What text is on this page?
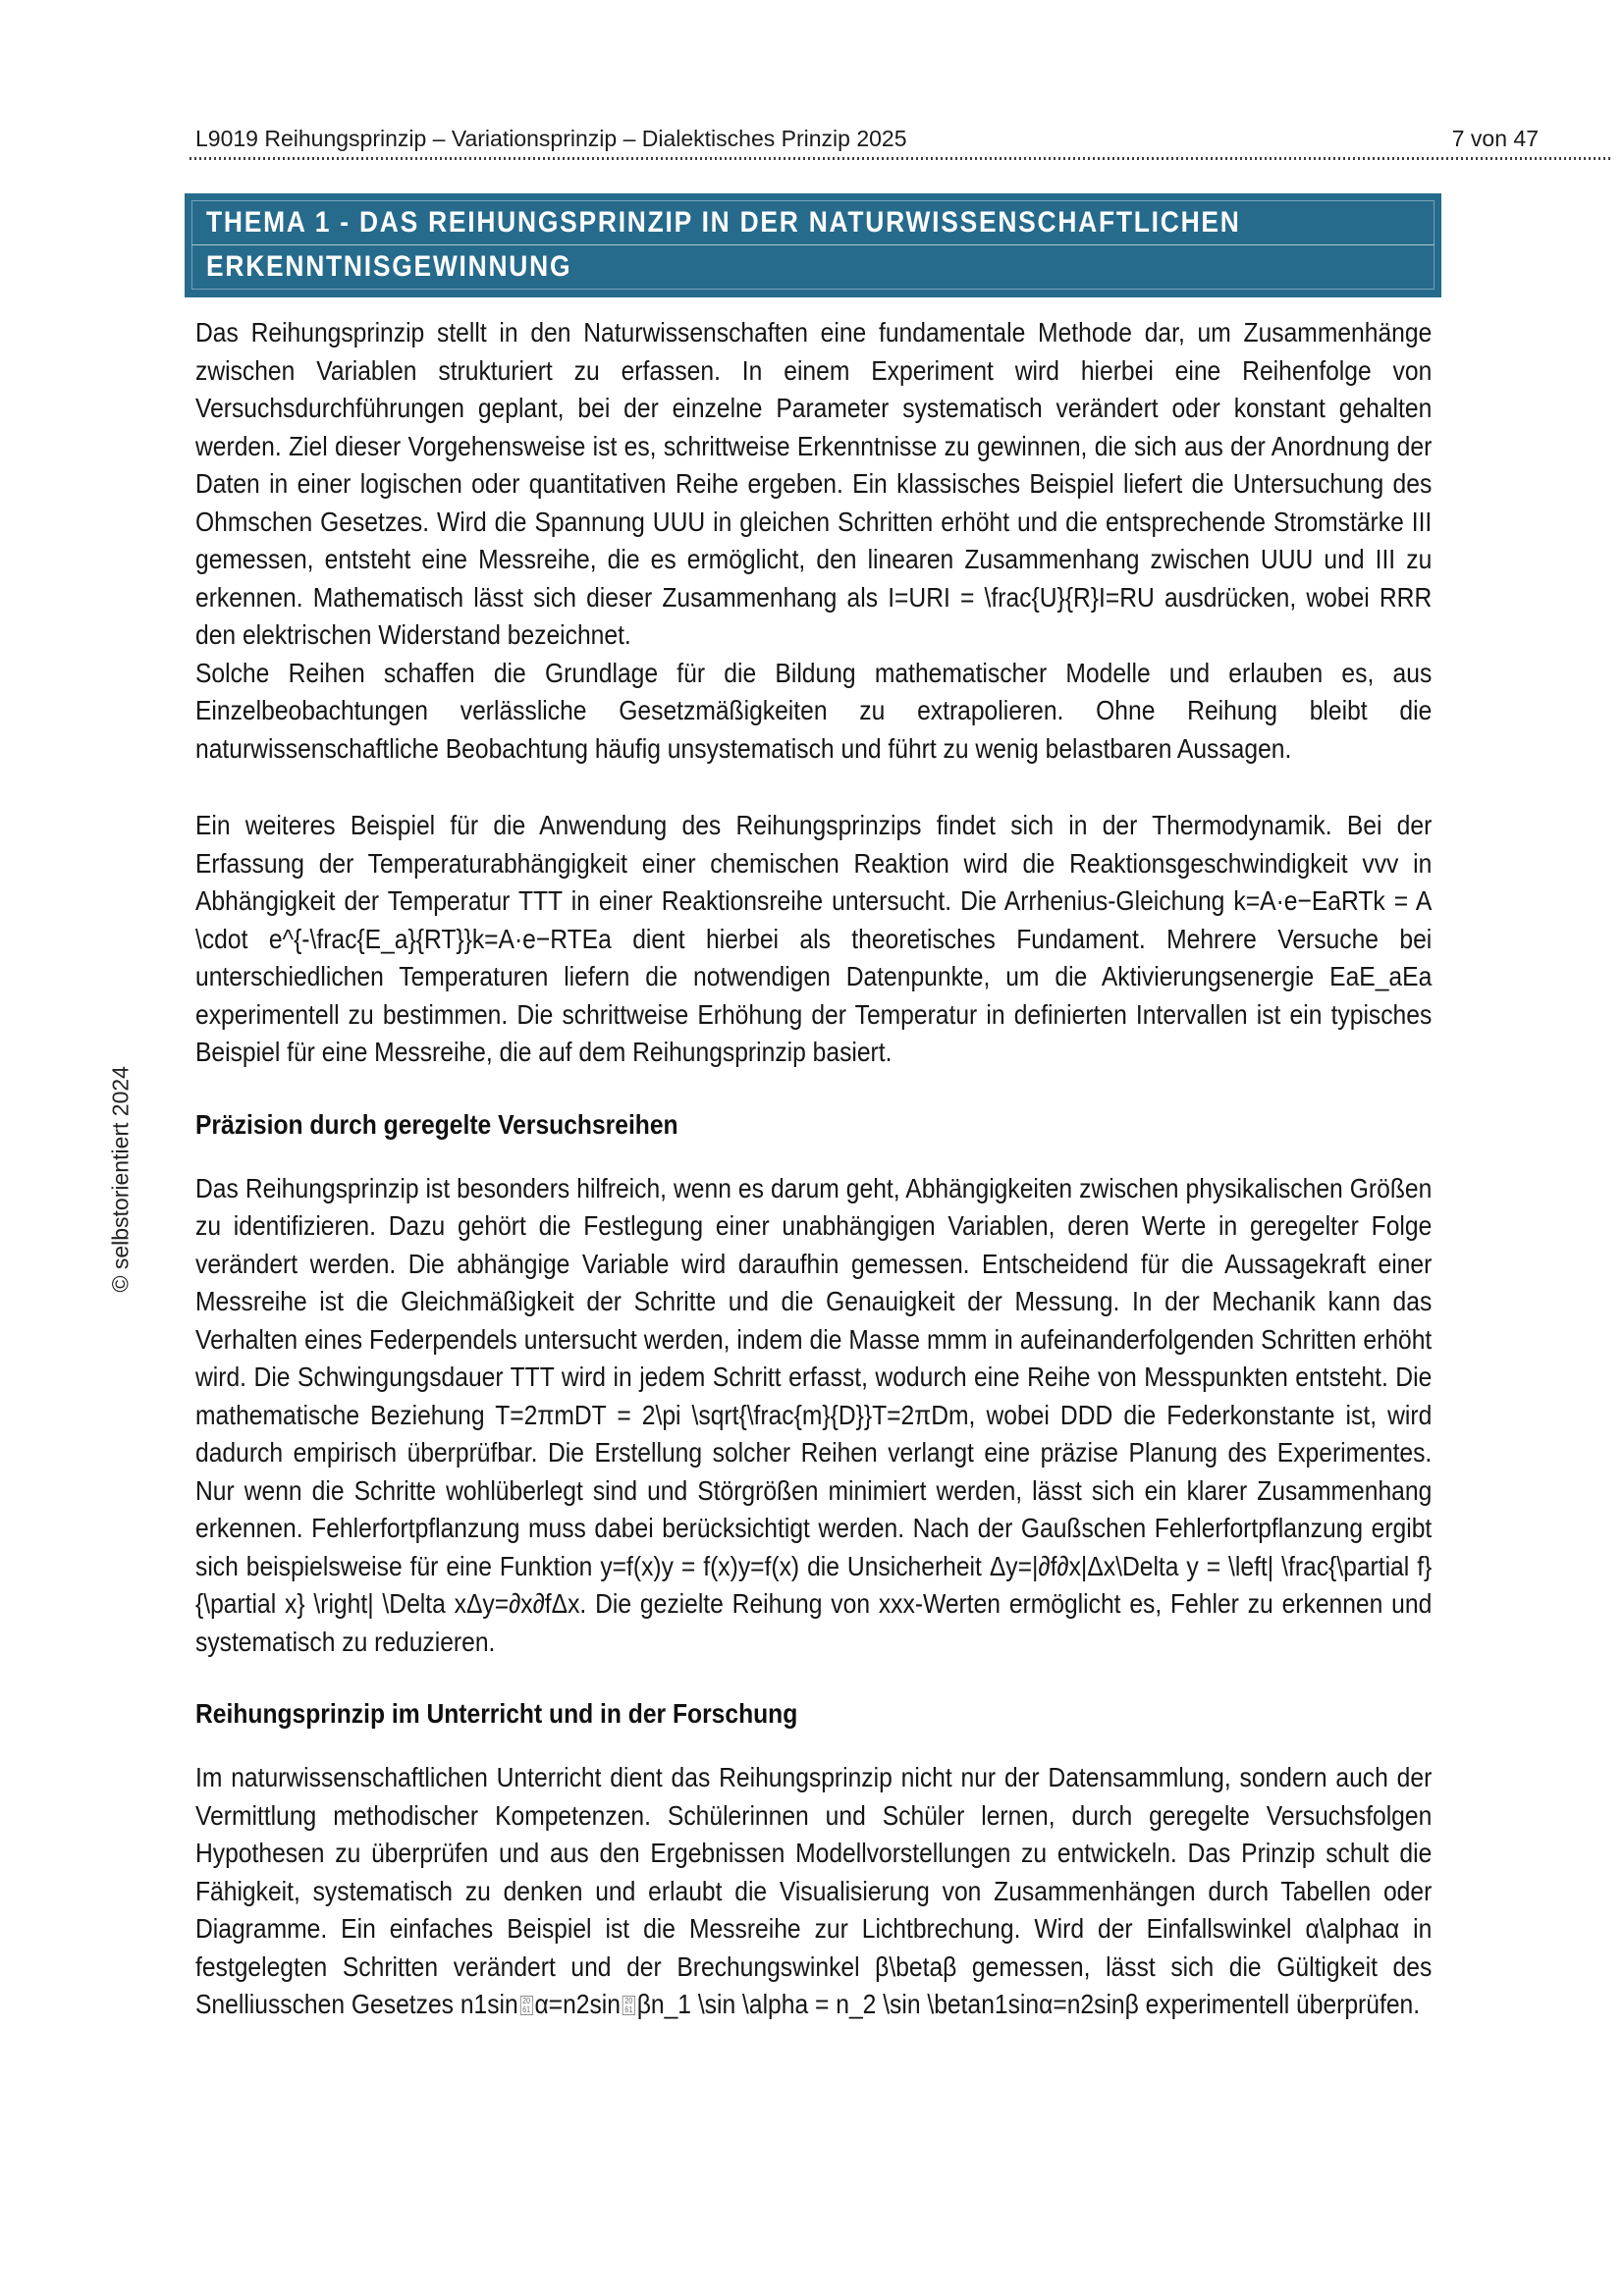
L9019 Reihungsprinzip – Variationsprinzip – Dialektisches Prinzip 2025	7 von 47
THEMA 1 - DAS REIHUNGSPRINZIP IN DER NATURWISSENSCHAFTLICHEN
ERKENNTNISGEWINNUNG

Das Reihungsprinzip stellt in den Naturwissenschaften eine fundamentale Methode dar, um Zusammenhänge zwischen Variablen strukturiert zu erfassen. In einem Experiment wird hierbei eine Reihenfolge von Versuchsdurchführungen geplant, bei der einzelne Parameter systematisch verändert oder konstant gehalten werden. Ziel dieser Vorgehensweise ist es, schrittweise Erkenntnisse zu gewinnen, die sich aus der Anordnung der Daten in einer logischen oder quantitativen Reihe ergeben. Ein klassisches Beispiel liefert die Untersuchung des Ohmschen Gesetzes. Wird die Spannung UUU in gleichen Schritten erhöht und die entsprechende Stromstärke III gemessen, entsteht eine Messreihe, die es ermöglicht, den linearen Zusammenhang zwischen UUU und III zu erkennen. Mathematisch lässt sich dieser Zusammenhang als I=URI = \frac{U}{R}I=RU ausdrücken, wobei RRR den elektrischen Widerstand bezeichnet.

Solche Reihen schaffen die Grundlage für die Bildung mathematischer Modelle und erlauben es, aus Einzelbeobachtungen verlässliche Gesetzmäßigkeiten zu extrapolieren. Ohne Reihung bleibt die naturwissenschaftliche Beobachtung häufig unsystematisch und führt zu wenig belastbaren Aussagen.

Ein weiteres Beispiel für die Anwendung des Reihungsprinzips findet sich in der Thermodynamik. Bei der Erfassung der Temperaturabhängigkeit einer chemischen Reaktion wird die Reaktionsgeschwindigkeit vvv in Abhängigkeit der Temperatur TTT in einer Reaktionsreihe untersucht. Die Arrhenius-Gleichung k=A·e−EaRTk = A \cdot e^{-\frac{E_a}{RT}}k=A·e−RTEa dient hierbei als theoretisches Fundament. Mehrere Versuche bei unterschiedlichen Temperaturen liefern die notwendigen Datenpunkte, um die Aktivierungsenergie EaE_aEa experimentell zu bestimmen. Die schrittweise Erhöhung der Temperatur in definierten Intervallen ist ein typisches Beispiel für eine Messreihe, die auf dem Reihungsprinzip basiert.

Präzision durch geregelte Versuchsreihen

Das Reihungsprinzip ist besonders hilfreich, wenn es darum geht, Abhängigkeiten zwischen physikalischen Größen zu identifizieren. Dazu gehört die Festlegung einer unabhängigen Variablen, deren Werte in geregelter Folge verändert werden. Die abhängige Variable wird daraufhin gemessen. Entscheidend für die Aussagekraft einer Messreihe ist die Gleichmäßigkeit der Schritte und die Genauigkeit der Messung. In der Mechanik kann das Verhalten eines Federpendels untersucht werden, indem die Masse mmm in aufeinanderfolgenden Schritten erhöht wird. Die Schwingungsdauer TTT wird in jedem Schritt erfasst, wodurch eine Reihe von Messpunkten entsteht. Die mathematische Beziehung T=2πmDT = 2\pi \sqrt{\frac{m}{D}}T=2πDm, wobei DDD die Federkonstante ist, wird dadurch empirisch überprüfbar. Die Erstellung solcher Reihen verlangt eine präzise Planung des Experimentes. Nur wenn die Schritte wohlüberlegt sind und Störgrößen minimiert werden, lässt sich ein klarer Zusammenhang erkennen. Fehlerfortpflanzung muss dabei berücksichtigt werden. Nach der Gaußschen Fehlerfortpflanzung ergibt sich beispielsweise für eine Funktion y=f(x)y = f(x)y=f(x) die Unsicherheit Δy=|∂f∂x|Δx\Delta y = \left| \frac{\partial f}{\partial x} \right| \Delta xΔy=∂x∂fΔx. Die gezielte Reihung von xxx-Werten ermöglicht es, Fehler zu erkennen und systematisch zu reduzieren.

Reihungsprinzip im Unterricht und in der Forschung

Im naturwissenschaftlichen Unterricht dient das Reihungsprinzip nicht nur der Datensammlung, sondern auch der Vermittlung methodischer Kompetenzen. Schülerinnen und Schüler lernen, durch geregelte Versuchsfolgen Hypothesen zu überprüfen und aus den Ergebnissen Modellvorstellungen zu entwickeln. Das Prinzip schult die Fähigkeit, systematisch zu denken und erlaubt die Visualisierung von Zusammenhängen durch Tabellen oder Diagramme. Ein einfaches Beispiel ist die Messreihe zur Lichtbrechung. Wird der Einfallswinkel α\alphaα in festgelegten Schritten verändert und der Brechungswinkel β\betaβ gemessen, lässt sich die Gültigkeit des Snelliusschen Gesetzes n1sin α=n2sin βn_1 \sin \alpha = n_2 \sin \betan1sinα=n2sinβ experimentell überprüfen.

© selbstorientiert 2024
